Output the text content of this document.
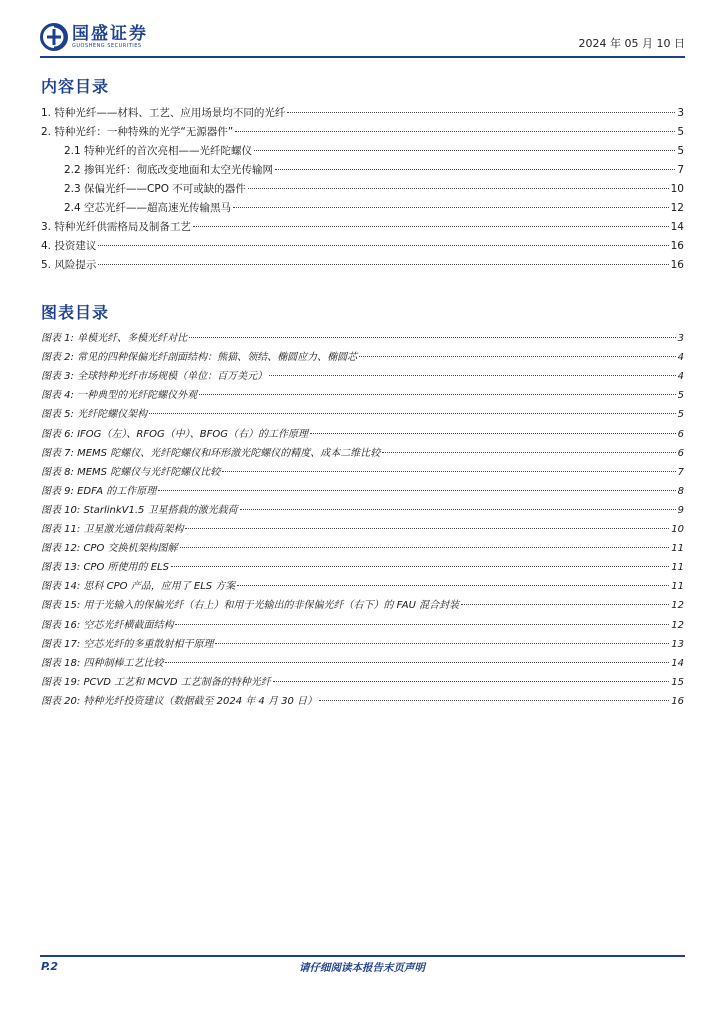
国盛证券
GUOSHENG SECURITIES	2024 年 05 月 10 日
内容目录
1. 特种光纤——材料、工艺、应用场景均不同的光纤	3
2. 特种光纤：一种特殊的光学“无源器件”	5
2.1 特种光纤的首次亮相——光纤陀螺仪	5
2.2 掺铒光纤：彻底改变地面和太空光传输网	7
2.3 保偏光纤——CPO 不可或缺的器件	10
2.4 空芯光纤——超高速光传输黑马	12
3. 特种光纤供需格局及制备工艺	14
4. 投资建议	16
5. 风险提示	16
图表目录
图表 1: 单模光纤、多模光纤对比	3
图表 2: 常见的四种保偏光纤剖面结构：熊猫、领结、椭圆应力、椭圆芯	4
图表 3: 全球特种光纤市场规模（单位：百万美元）	4
图表 4: 一种典型的光纤陀螺仪外观	5
图表 5: 光纤陀螺仪架构	5
图表 6: IFOG（左）、RFOG（中）、BFOG（右）的工作原理	6
图表 7: MEMS 陀螺仪、光纤陀螺仪和环形激光陀螺仪的精度、成本二维比较	6
图表 8: MEMS 陀螺仪与光纤陀螺仪比较	7
图表 9: EDFA 的工作原理	8
图表 10: StarlinkV1.5 卫星搭载的激光载荷	9
图表 11: 卫星激光通信载荷架构	10
图表 12: CPO 交换机架构图解	11
图表 13: CPO 所使用的 ELS	11
图表 14: 思科 CPO 产品，应用了 ELS 方案	11
图表 15: 用于光输入的保偏光纤（右上）和用于光输出的非保偏光纤（右下）的 FAU 混合封装	12
图表 16: 空芯光纤横截面结构	12
图表 17: 空芯光纤的多重散射相干原理	13
图表 18: 四种制棒工艺比较	14
图表 19: PCVD 工艺和 MCVD 工艺制备的特种光纤	15
图表 20: 特种光纤投资建议（数据截至 2024 年 4 月 30 日）	16
P.2	请仔细阅读本报告末页声明
